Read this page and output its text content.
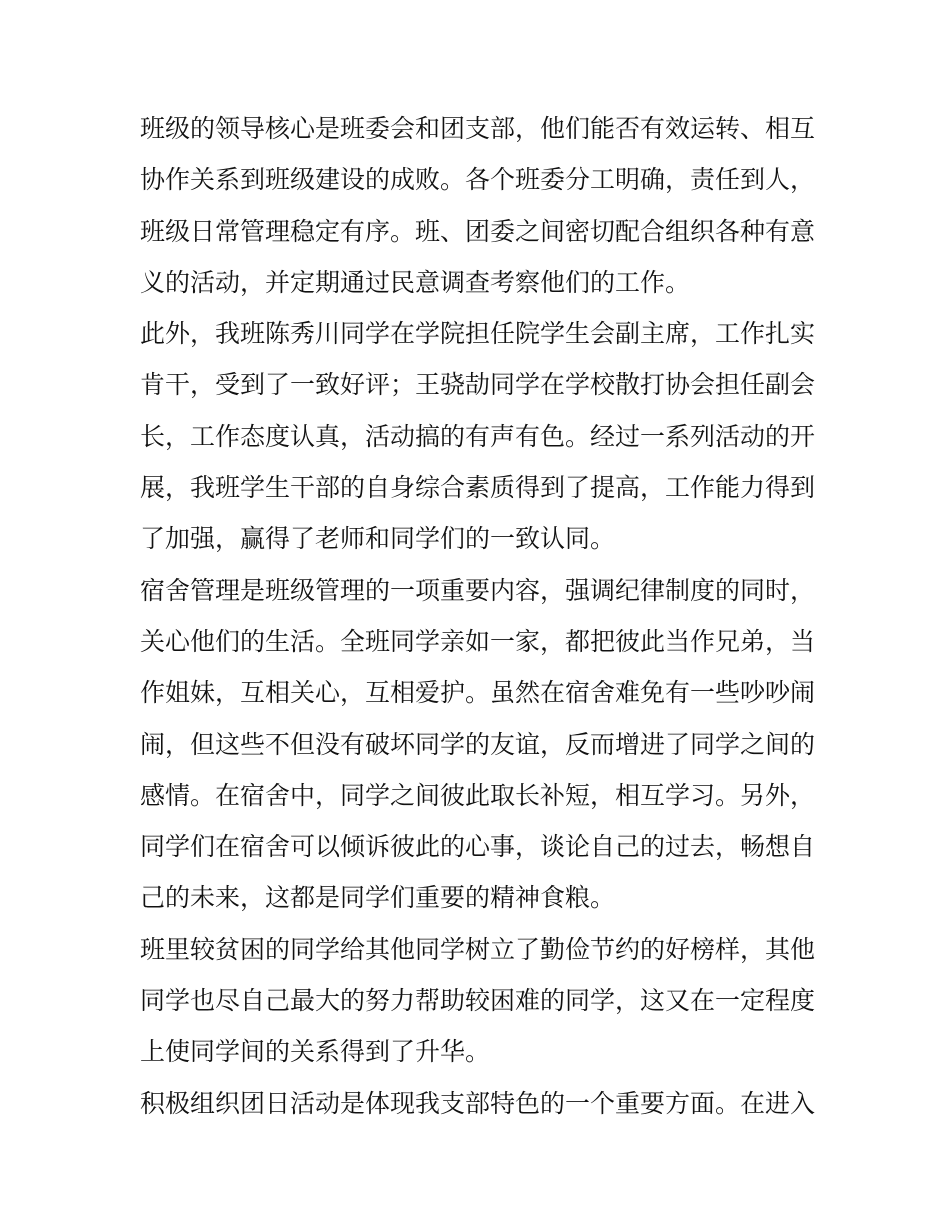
班级的领导核心是班委会和团支部，他们能否有效运转、相互
协作关系到班级建设的成败。各个班委分工明确，责任到人，
班级日常管理稳定有序。班、团委之间密切配合组织各种有意
义的活动，并定期通过民意调查考察他们的工作。
此外，我班陈秀川同学在学院担任院学生会副主席，工作扎实
肯干，受到了一致好评；王骁劼同学在学校散打协会担任副会
长，工作态度认真，活动搞的有声有色。经过一系列活动的开
展，我班学生干部的自身综合素质得到了提高，工作能力得到
了加强，赢得了老师和同学们的一致认同。
宿舍管理是班级管理的一项重要内容，强调纪律制度的同时，
关心他们的生活。全班同学亲如一家，都把彼此当作兄弟，当
作姐妹，互相关心，互相爱护。虽然在宿舍难免有一些吵吵闹
闹，但这些不但没有破坏同学的友谊，反而增进了同学之间的
感情。在宿舍中，同学之间彼此取长补短，相互学习。另外，
同学们在宿舍可以倾诉彼此的心事，谈论自己的过去，畅想自
己的未来，这都是同学们重要的精神食粮。
班里较贫困的同学给其他同学树立了勤俭节约的好榜样，其他
同学也尽自己最大的努力帮助较困难的同学，这又在一定程度
上使同学间的关系得到了升华。
积极组织团日活动是体现我支部特色的一个重要方面。在进入
